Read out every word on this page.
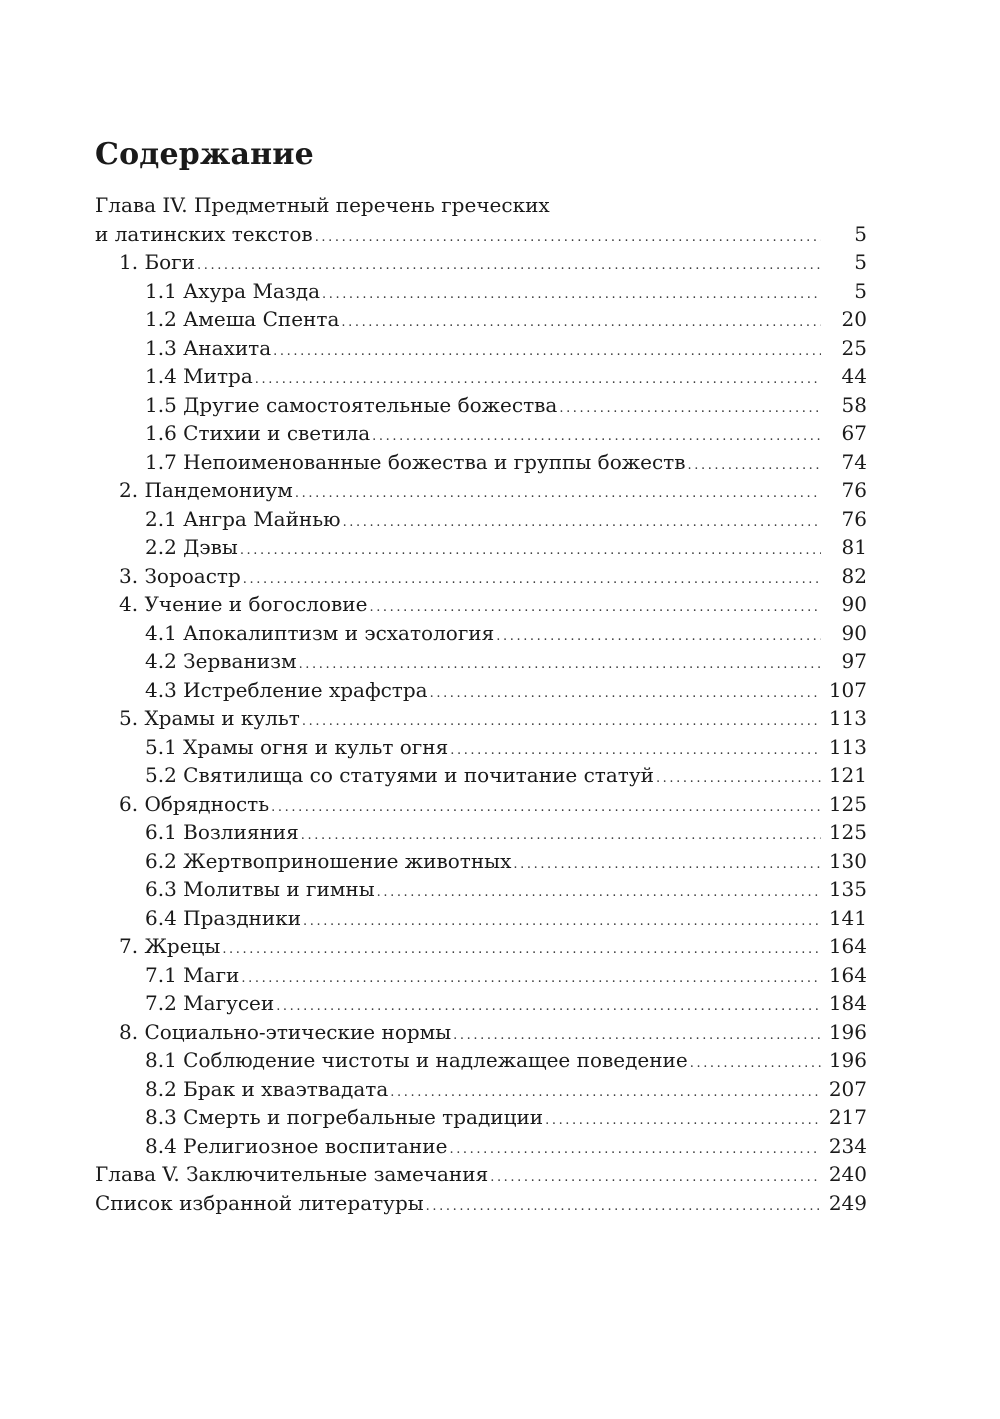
Содержание
Глава IV. Предметный перечень греческих
и латинских текстов .....	5
1. Боги .....	5
1.1 Ахура Мазда .....	5
1.2 Амеша Спента .....	20
1.3 Анахита .....	25
1.4 Митра .....	44
1.5 Другие самостоятельные божества .....	58
1.6 Стихии и светила .....	67
1.7 Непоименованные божества и группы божеств .....	74
2. Пандемониум .....	76
2.1 Ангра Майнью .....	76
2.2 Дэвы .....	81
3. Зороастр .....	82
4. Учение и богословие .....	90
4.1 Апокалиптизм и эсхатология .....	90
4.2 Зерванизм .....	97
4.3 Истребление храфстра .....	107
5. Храмы и культ .....	113
5.1 Храмы огня и культ огня .....	113
5.2 Святилища со статуями и почитание статуй .....	121
6. Обрядность .....	125
6.1 Возлияния .....	125
6.2 Жертвоприношение животных .....	130
6.3 Молитвы и гимны .....	135
6.4 Праздники .....	141
7. Жрецы .....	164
7.1 Маги .....	164
7.2 Магусеи .....	184
8. Социально-этические нормы .....	196
8.1 Соблюдение чистоты и надлежащее поведение .....	196
8.2 Брак и хваэтвадата .....	207
8.3 Смерть и погребальные традиции .....	217
8.4 Религиозное воспитание .....	234
Глава V. Заключительные замечания .....	240
Список избранной литературы .....	249
